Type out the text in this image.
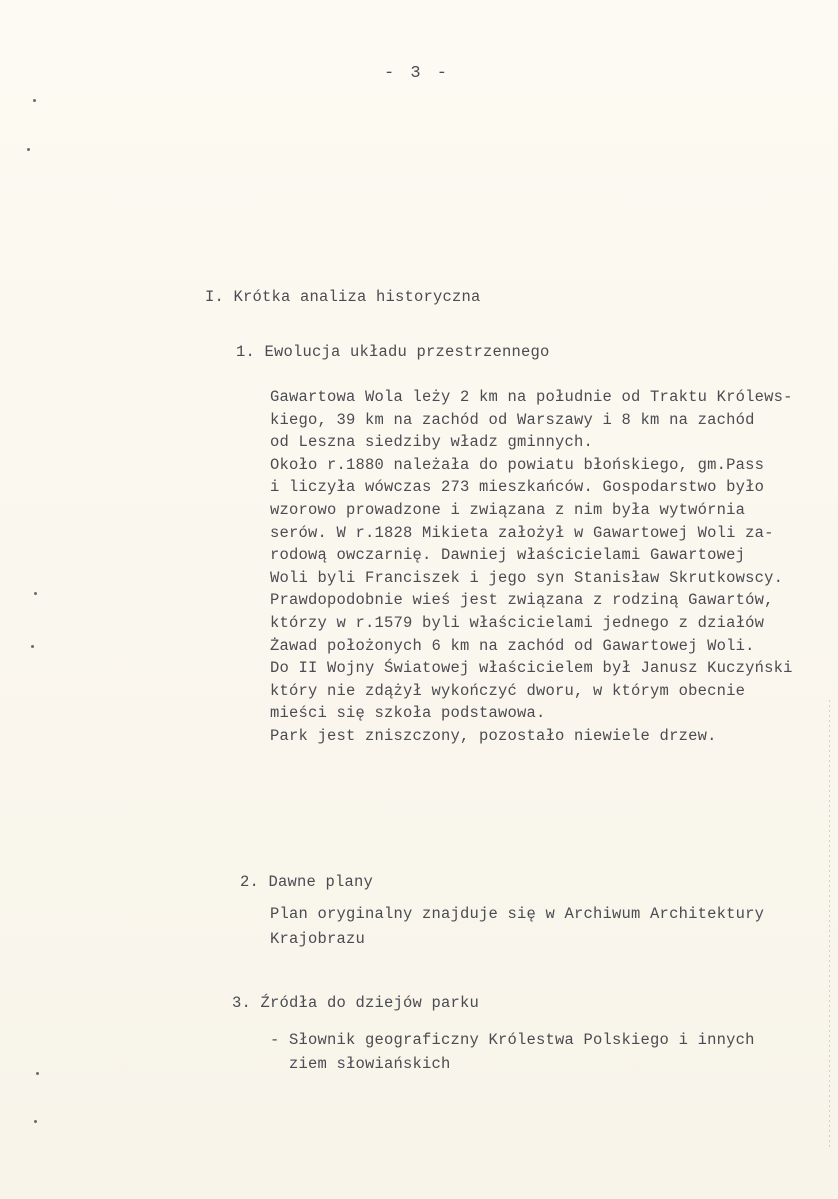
- 3 -
I. Krótka analiza historyczna
1. Ewolucja układu przestrzennego
Gawartowa Wola leży 2 km na południe od Traktu Królews-
kiego, 39 km na zachód od Warszawy i 8 km na zachód
od Leszna siedziby władz gminnych.
Około r.1880 należała do powiatu błońskiego, gm.Pass
i liczyła wówczas 273 mieszkańców. Gospodarstwo było
wzorowo prowadzone i związana z nim była wytwórnia
serów. W r.1828 Mikieta założył w Gawartowej Woli za-
rodową owczarnię. Dawniej właścicielami Gawartowej
Woli byli Franciszek i jego syn Stanisław Skrutkowscy.
Prawdopodobnie wieś jest związana z rodziną Gawartów,
którzy w r.1579 byli właścicielami jednego z działów
Żawad położonych 6 km na zachód od Gawartowej Woli.
Do II Wojny Światowej właścicielem był Janusz Kuczyński
który nie zdążył wykończyć dworu, w którym obecnie
mieści się szkoła podstawowa.
Park jest zniszczony, pozostało niewiele drzew.
2. Dawne plany
Plan oryginalny znajduje się w Archiwum Architektury
Krajobrazu
3. Źródła do dziejów parku
- Słownik geograficzny Królestwa Polskiego i innych
ziem słowiańskich
